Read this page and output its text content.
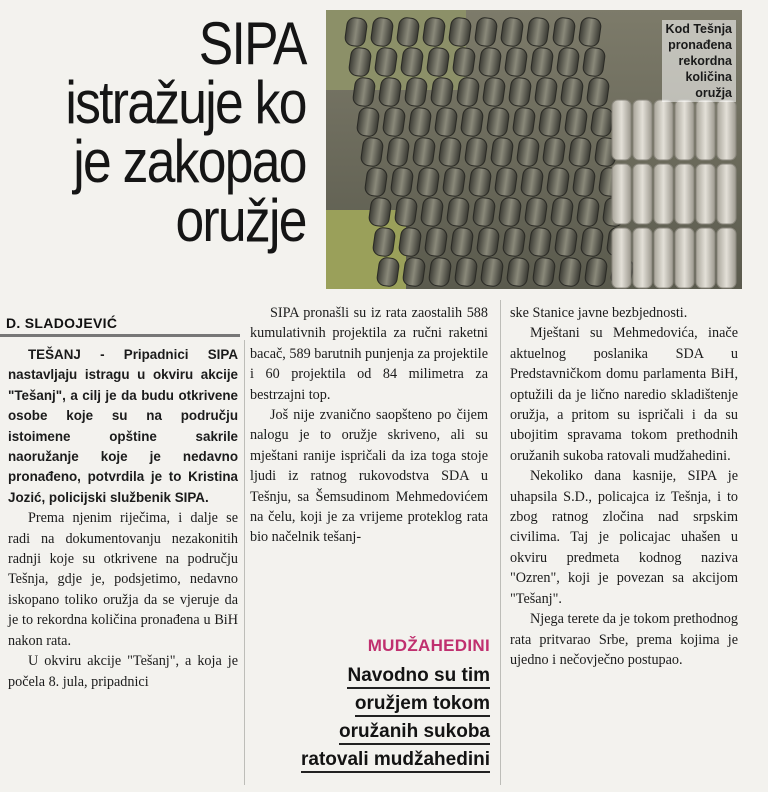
SIPA
istražuje ko
je zakopao
oružje
D. SLADOJEVIĆ
Kod Tešnja
pronađena
rekordna
količina
oružja

TEŠANJ - Pripadnici SIPA nastavljaju istragu u okviru akcije "Tešanj", a cilj je da budu otkrivene osobe koje su na području istoimene opštine sakrile naoružanje koje je nedavno pronađeno, potvrdila je to Kristina Jozić, policijski službenik SIPA.

Prema njenim riječima, i dalje se radi na dokumentovanju nezakonitih radnji koje su otkrivene na području Tešnja, gdje je, podsjetimo, nedavno iskopano toliko oružja da se vjeruje da je to rekordna količina pronađena u BiH nakon rata.

U okviru akcije "Tešanj", a koja je počela 8. jula, pripadnici

SIPA pronašli su iz rata zaostalih 588 kumulativnih projektila za ručni raketni bacač, 589 barutnih punjenja za projektile i 60 projektila od 84 milimetra za bestrzajni top.

Još nije zvanično saopšteno po čijem nalogu je to oružje skriveno, ali su mještani ranije ispričali da iza toga stoje ljudi iz ratnog rukovodstva SDA u Tešnju, sa Šemsudinom Mehmedovićem na čelu, koji je za vrijeme proteklog rata bio načelnik tešanj-

MUDŽAHEDINI
Navodno su tim
oružjem tokom
oružanih sukoba
ratovali mudžahedini

ske Stanice javne bezbjednosti.

Mještani su Mehmedovića, inače aktuelnog poslanika SDA u Predstavničkom domu parlamenta BiH, optužili da je lično naredio skladištenje oružja, a pritom su ispričali i da su ubojitim spravama tokom prethodnih oružanih sukoba ratovali mudžahedini.

Nekoliko dana kasnije, SIPA je uhapsila S.D., policajca iz Tešnja, i to zbog ratnog zločina nad srpskim civilima. Taj je policajac uhašen u okviru predmeta kodnog naziva "Ozren", koji je povezan sa akcijom "Tešanj".

Njega terete da je tokom prethodnog rata pritvarao Srbe, prema kojima je ujedno i nečovječno postupao.
